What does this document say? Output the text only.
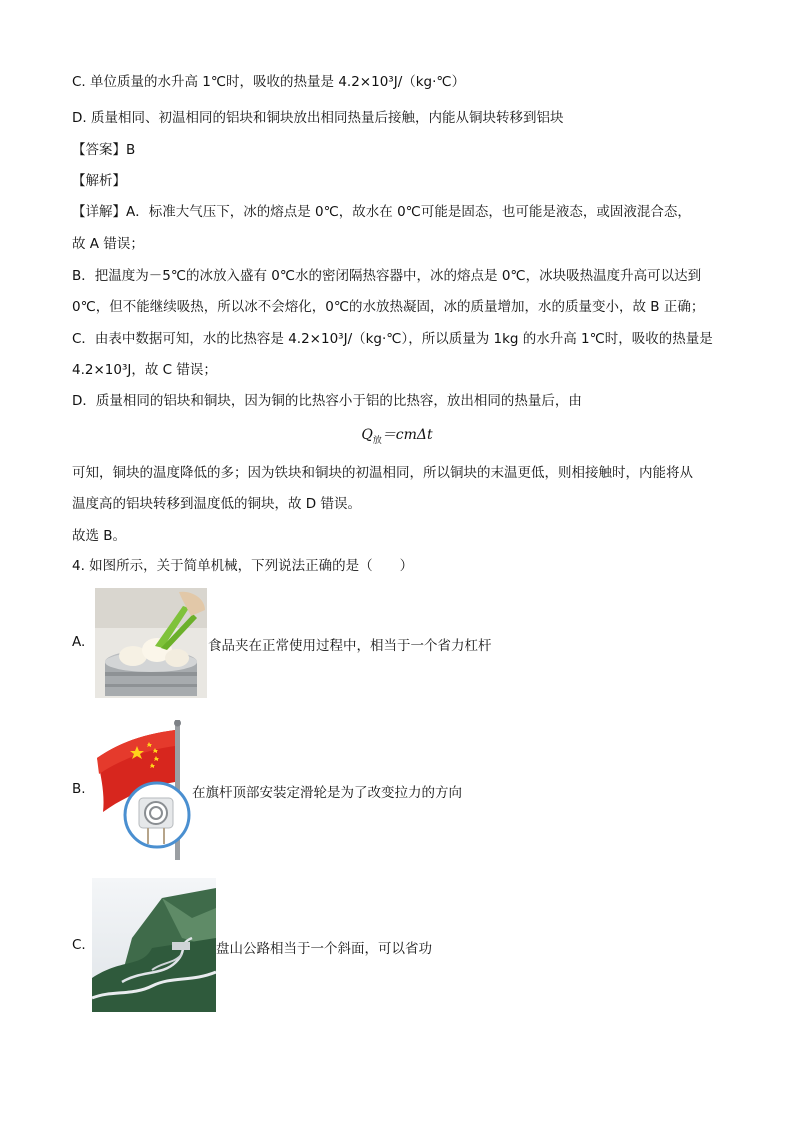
C. 单位质量的水升高 1℃时，吸收的热量是 4.2×10³J/（kg·℃）
D. 质量相同、初温相同的铝块和铜块放出相同热量后接触，内能从铜块转移到铝块
【答案】B
【解析】
【详解】A．标准大气压下，冰的熔点是 0℃，故水在 0℃可能是固态，也可能是液态，或固液混合态，
故 A 错误；
B．把温度为－5℃的冰放入盛有 0℃水的密闭隔热容器中，冰的熔点是 0℃，冰块吸热温度升高可以达到
0℃，但不能继续吸热，所以冰不会熔化，0℃的水放热凝固，冰的质量增加，水的质量变小，故 B 正确；
C．由表中数据可知，水的比热容是 4.2×10³J/（kg·℃），所以质量为 1kg 的水升高 1℃时，吸收的热量是
4.2×10³J，故 C 错误；
D．质量相同的铝块和铜块，因为铜的比热容小于铝的比热容，放出相同的热量后，由
$Q_放=cm\Delta t$
可知，铜块的温度降低的多；因为铁块和铜块的初温相同，所以铜块的末温更低，则相接触时，内能将从
温度高的铝块转移到温度低的铜块，故 D 错误。
故选 B。
4. 如图所示，关于简单机械，下列说法正确的是（　　）
A.	食品夹在正常使用过程中，相当于一个省力杠杆
B.	在旗杆顶部安装定滑轮是为了改变拉力的方向
C.	盘山公路相当于一个斜面，可以省功
